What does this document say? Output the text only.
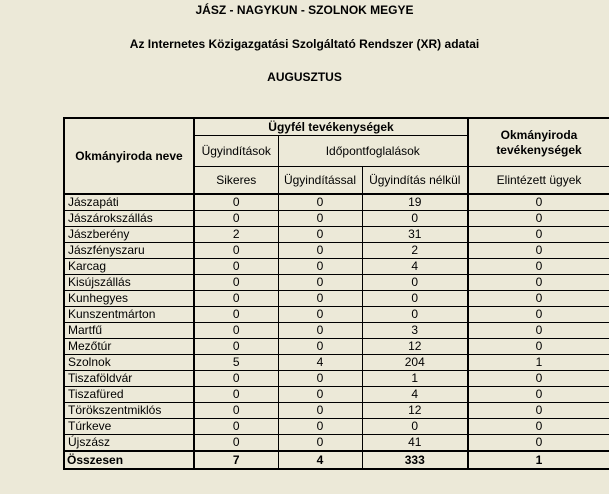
JÁSZ - NAGYKUN - SZOLNOK MEGYE
Az Internetes Közigazgatási Szolgáltató Rendszer (XR) adatai
AUGUSZTUS
Okmányiroda neve	Ügyfél tevékenységek			Okmányiroda
tevékenységek
	Ügyindítások	Időpontfoglalások		
	Sikeres	Ügyindítással	Ügyindítás nélkül	Elintézett ügyek
Jászapáti	0	0	19	0
Jászárokszállás	0	0	0	0
Jászberény	2	0	31	0
Jászfényszaru	0	0	2	0
Karcag	0	0	4	0
Kisújszállás	0	0	0	0
Kunhegyes	0	0	0	0
Kunszentmárton	0	0	0	0
Martfű	0	0	3	0
Mezőtúr	0	0	12	0
Szolnok	5	4	204	1
Tiszaföldvár	0	0	1	0
Tiszafüred	0	0	4	0
Törökszentmiklós	0	0	12	0
Túrkeve	0	0	0	0
Újszász	0	0	41	0
Összesen	7	4	333	1
